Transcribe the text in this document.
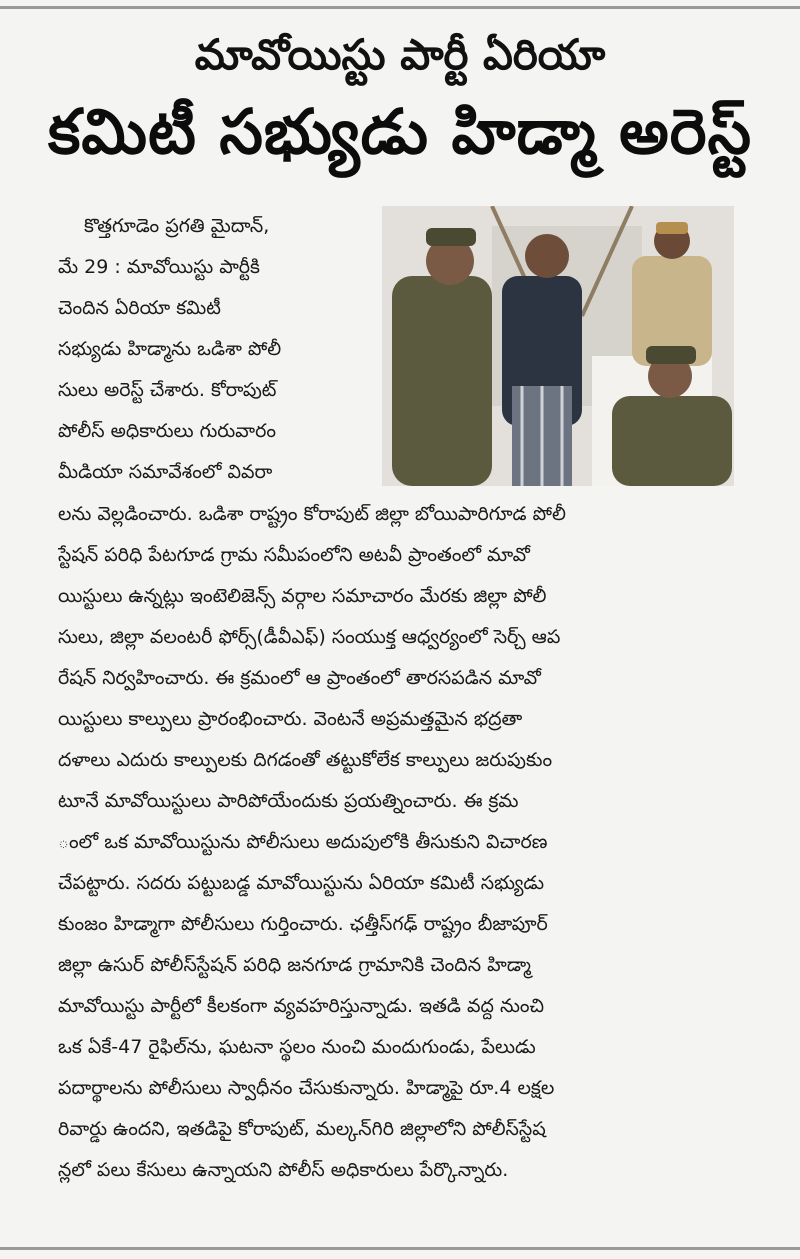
మావోయిస్టు పార్టీ ఏరియా
కమిటీ సభ్యుడు హిడ్మా అరెస్ట్
కొత్తగూడెం ప్రగతి మైదాన్,
మే 29 : మావోయిస్టు పార్టీకి
చెందిన ఏరియా కమిటీ
సభ్యుడు హిడ్మాను ఒడిశా పోలీ
సులు అరెస్ట్ చేశారు. కోరాపుట్
పోలీస్ అధికారులు గురువారం
మీడియా సమావేశంలో వివరా
లను వెల్లడించారు. ఒడిశా రాష్ట్రం కోరాపుట్ జిల్లా బోయిపారిగూడ పోలీ
స్టేషన్ పరిధి పేటగూడ గ్రామ సమీపంలోని అటవీ ప్రాంతంలో మావో
యిస్టులు ఉన్నట్లు ఇంటెలిజెన్స్ వర్గాల సమాచారం మేరకు జిల్లా పోలీ
సులు, జిల్లా వలంటరీ ఫోర్స్(డీవీఎఫ్) సంయుక్త ఆధ్వర్యంలో సెర్చ్ ఆప
రేషన్ నిర్వహించారు. ఈ క్రమంలో ఆ ప్రాంతంలో తారసపడిన మావో
యిస్టులు కాల్పులు ప్రారంభించారు. వెంటనే అప్రమత్తమైన భద్రతా
దళాలు ఎదురు కాల్పులకు దిగడంతో తట్టుకోలేక కాల్పులు జరుపుకుం
టూనే మావోయిస్టులు పారిపోయేందుకు ప్రయత్నించారు. ఈ క్రమ
ంలో ఒక మావోయిస్టును పోలీసులు అదుపులోకి తీసుకుని విచారణ
చేపట్టారు. సదరు పట్టుబడ్డ మావోయిస్టును ఏరియా కమిటీ సభ్యుడు
కుంజం హిడ్మాగా పోలీసులు గుర్తించారు. ఛత్తీస్‌గఢ్ రాష్ట్రం బీజాపూర్
జిల్లా ఉసుర్ పోలీస్‌స్టేషన్ పరిధి జనగూడ గ్రామానికి చెందిన హిడ్మా
మావోయిస్టు పార్టీలో కీలకంగా వ్యవహరిస్తున్నాడు. ఇతడి వద్ద నుంచి
ఒక ఏకే-47 రైఫిల్‌ను, ఘటనా స్థలం నుంచి మందుగుండు, పేలుడు
పదార్థాలను పోలీసులు స్వాధీనం చేసుకున్నారు. హిడ్మాపై రూ.4 లక్షల
రివార్డు ఉందని, ఇతడిపై కోరాపుట్, మల్కన్‌గిరి జిల్లాలోని పోలీస్‌స్టేష
న్లలో పలు కేసులు ఉన్నాయని పోలీస్ అధికారులు పేర్కొన్నారు.
